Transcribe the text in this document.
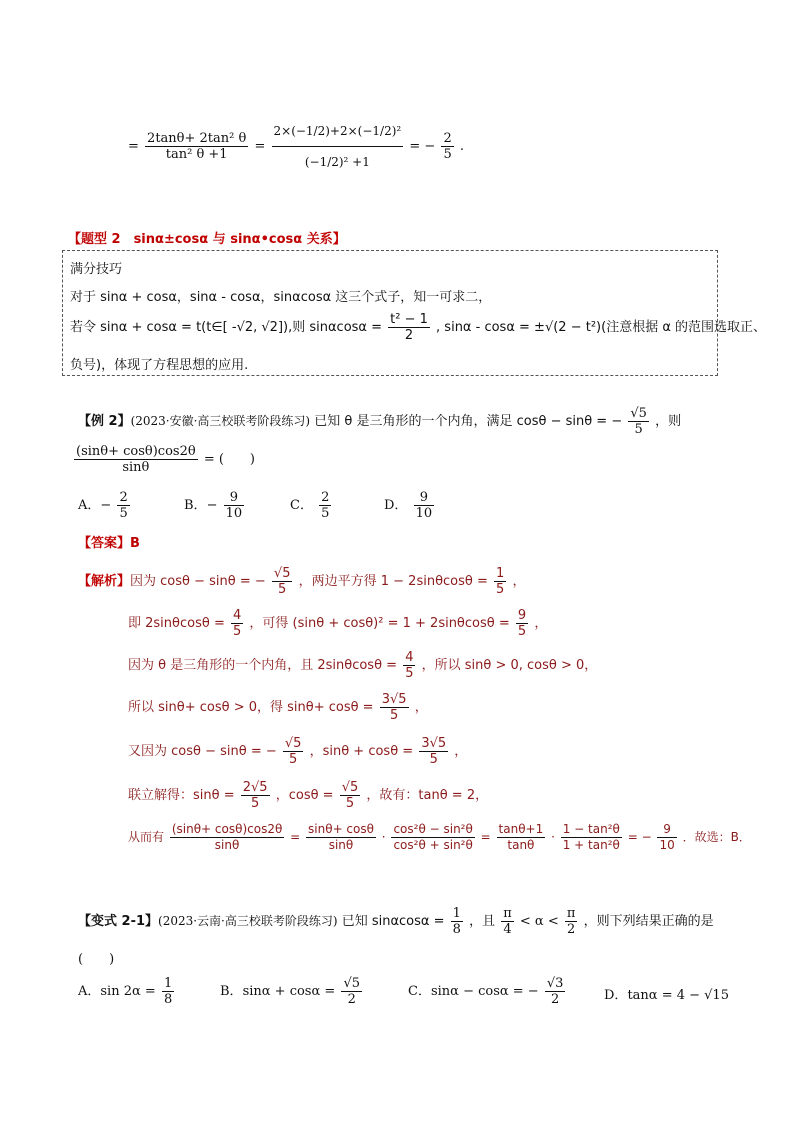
= $\frac{\text{2tanθ+ 2tan² θ}}{\text{tan² θ +1}} = \frac{\text{2×(−1/2)+2×(−1/2)²}}{\text{(−1/2)² +1}}$ = − $\frac{2}{5}$ .
【题型 2　sinα±cosα 与 sinα•cosα 关系】
满分技巧
对于 sinα + cosα，sinα - cosα，sinαcosα 这三个式子，知一可求二，
若令 sinα + cosα = t(t∈[ -√2, √2]),则 $\sin\alpha\cos\alpha = \frac{\text{t² − 1}}{2}$ , sinα - cosα = ±√(2 − t²)(注意根据 α 的范围选取正、
负号)，体现了方程思想的应用.
【例 2】(2023·安徽·高三校联考阶段练习) 已知 θ 是三角形的一个内角，满足 cosθ − sinθ = − $\frac{√5}{5}$ ，则
$\frac{(\sin\theta+ \cos\theta)\cos 2\theta}{\sin\theta}$ = (　　)
A．− $\frac{2}{5}$	B．− $\frac{9}{10}$	C． $\frac{2}{5}$	D． $\frac{9}{10}$
【答案】B
【解析】因为 cosθ − sinθ = − $\frac{√5}{5}$ ，两边平方得 $1 - 2\sin\theta\cos\theta = \frac{1}{5}$ ，
即 $2\sin\theta\cos\theta = \frac{4}{5}$ ，可得 $(\sin\theta + \cos\theta)^2 = 1 + 2\sin\theta\cos\theta = \frac{9}{5}$ ，
因为 θ 是三角形的一个内角，且 $2\sin\theta\cos\theta = \frac{4}{5}$ ，所以 sinθ > 0, cosθ > 0，
所以 sinθ+ cosθ > 0，得 $\sin\theta+ \cos\theta = \frac{3√5}{5}$ ，
又因为 cosθ − sinθ = − $\frac{√5}{5}$ ，$\sin\theta + \cos\theta = \frac{3√5}{5}$ ，
联立解得：$\sin\theta = \frac{2√5}{5}$ ，$\cos\theta = \frac{√5}{5}$ ，故有：tanθ = 2，
从而有 $\frac{(\sin\theta+ \cos\theta)\cos 2\theta}{\sin\theta} = \frac{\sin\theta+ \cos\theta}{\sin\theta} \cdot \frac{\text{cos²θ − sin²θ}}{\text{cos²θ + sin²θ}} = \frac{\tan\theta+1}{\tan\theta} \cdot \frac{\text{1 − tan²θ}}{\text{1 + tan²θ}}$ = − $\frac{9}{10}$ ．故选：B．
【变式 2-1】(2023·云南·高三校联考阶段练习) 已知 $\sin\alpha\cos\alpha = \frac{1}{8}$ ，且 $\frac{\pi}{4} < \alpha < \frac{\pi}{2}$ ，则下列结果正确的是
(　　)
A．$\sin 2\alpha = \frac{1}{8}$	B．$\sin\alpha + \cos\alpha = \frac{√5}{2}$	C．sinα − cosα = − $\frac{√3}{2}$	D．tanα = 4 − √15
